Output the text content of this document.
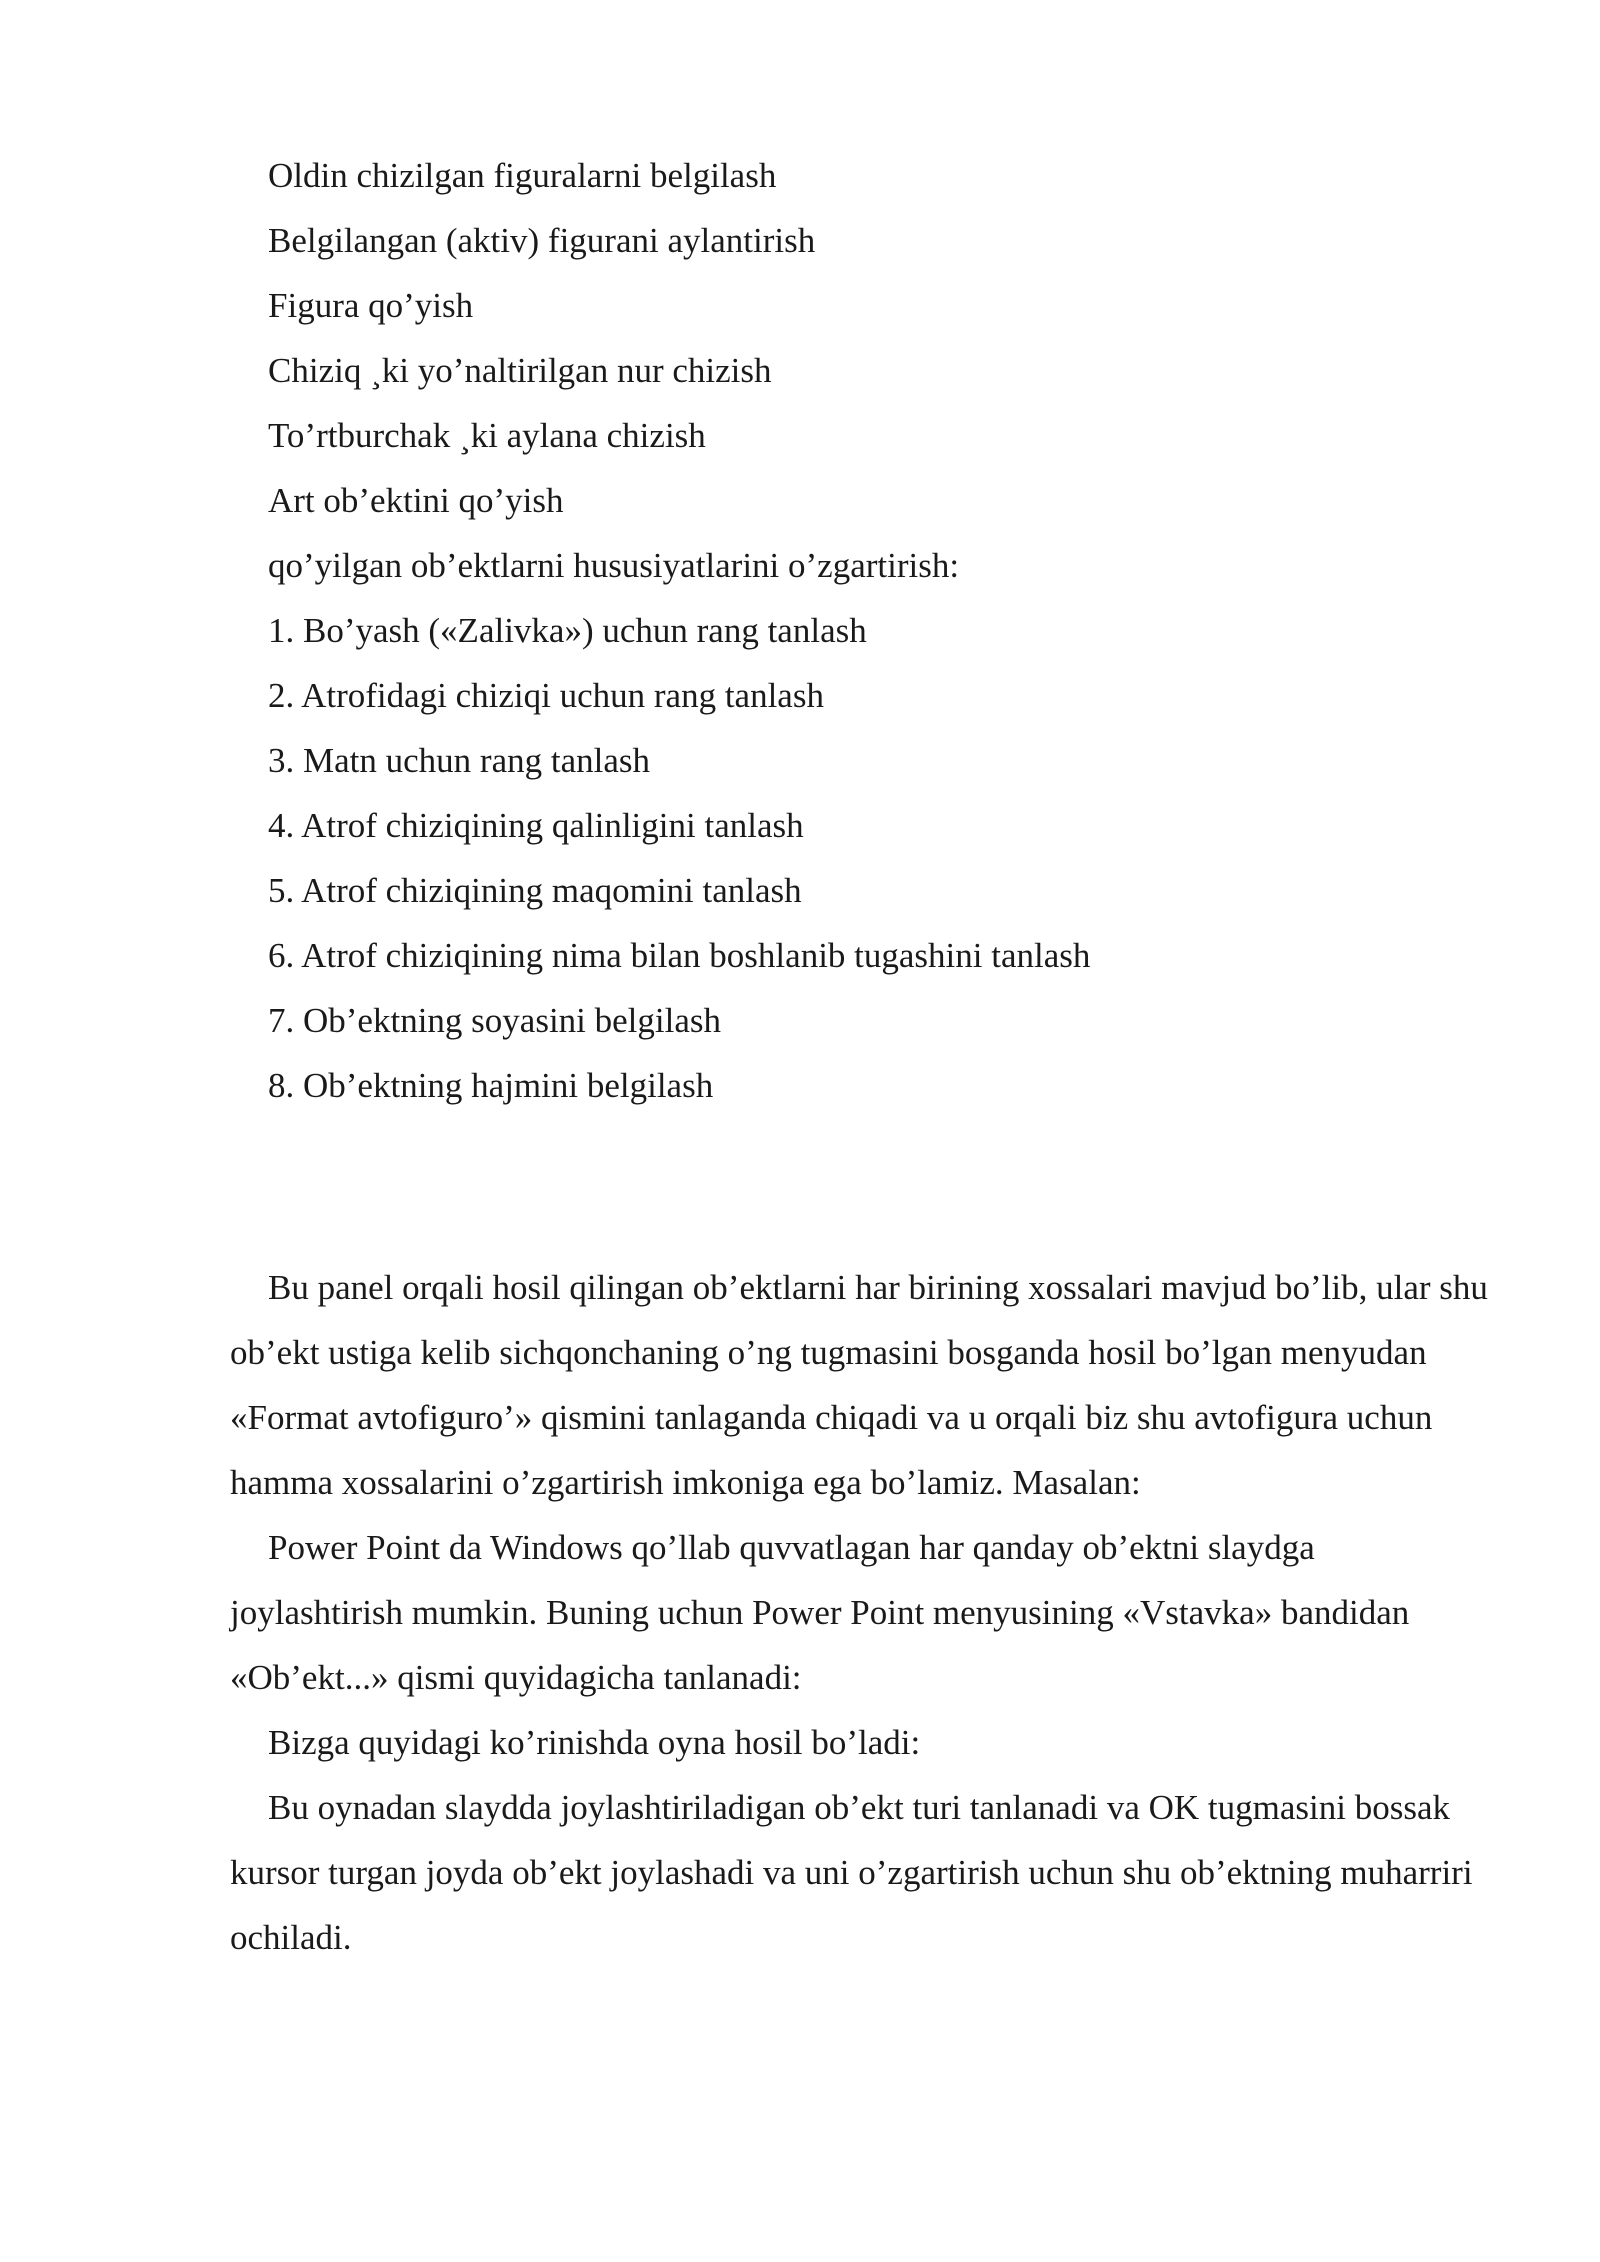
Oldin chizilgan figuralarni belgilash
Belgilangan (aktiv) figurani aylantirish
Figura qo’yish
Chiziq ¸ki yo’naltirilgan nur chizish
To’rtburchak ¸ki aylana chizish
Art ob’ektini qo’yish
qo’yilgan ob’ektlarni hususiyatlarini o’zgartirish:
1. Bo’yash («Zalivka») uchun rang tanlash
2. Atrofidagi chiziqi uchun rang tanlash
3. Matn uchun rang tanlash
4. Atrof chiziqining qalinligini tanlash
5. Atrof chiziqining maqomini tanlash
6. Atrof chiziqining nima bilan boshlanib tugashini tanlash
7. Ob’ektning soyasini belgilash
8. Ob’ektning hajmini belgilash

Bu panel orqali hosil qilingan ob’ektlarni har birining xossalari mavjud bo’lib, ular shu ob’ekt ustiga kelib sichqonchaning o’ng tugmasini bosganda hosil bo’lgan menyudan «Format avtofiguro’» qismini tanlaganda chiqadi va u orqali biz shu avtofigura uchun hamma xossalarini o’zgartirish imkoniga ega bo’lamiz. Masalan:

Power Point da Windows qo’llab quvvatlagan har qanday ob’ektni slaydga joylashtirish mumkin. Buning uchun Power Point menyusining «Vstavka» bandidan «Ob’ekt...» qismi quyidagicha tanlanadi:

Bizga quyidagi ko’rinishda oyna hosil bo’ladi:

Bu oynadan slaydda joylashtiriladigan ob’ekt turi tanlanadi va OK tugmasini bossak kursor turgan joyda ob’ekt joylashadi va uni o’zgartirish uchun shu ob’ektning muharriri ochiladi.
